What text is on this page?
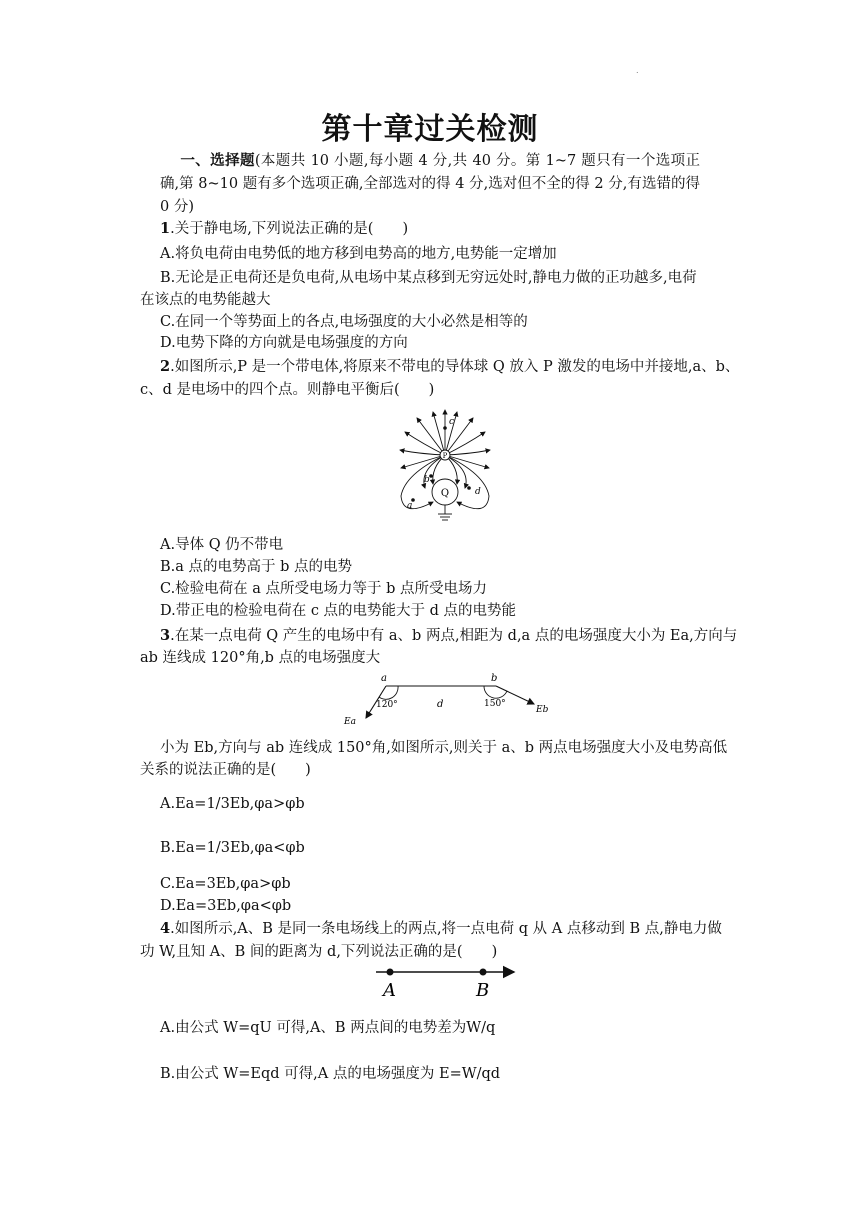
.
第十章过关检测
一、选择题(本题共 10 小题,每小题 4 分,共 40 分。第 1~7 题只有一个选项正确,第 8~10 题有多个选项正确,全部选对的得 4 分,选对但不全的得 2 分,有选错的得 0 分)
1.关于静电场,下列说法正确的是(　　)
A.将负电荷由电势低的地方移到电势高的地方,电势能一定增加
B.无论是正电荷还是负电荷,从电场中某点移到无穷远处时,静电力做的正功越多,电荷
在该点的电势能越大
C.在同一个等势面上的各点,电场强度的大小必然是相等的
D.电势下降的方向就是电场强度的方向
2.如图所示,P 是一个带电体,将原来不带电的导体球 Q 放入 P 激发的电场中并接地,a、b、
c、d 是电场中的四个点。则静电平衡后(　　)
P
Q
a
b
c
d
A.导体 Q 仍不带电
B.a 点的电势高于 b 点的电势
C.检验电荷在 a 点所受电场力等于 b 点所受电场力
D.带正电的检验电荷在 c 点的电势能大于 d 点的电势能
3.在某一点电荷 Q 产生的电场中有 a、b 两点,相距为 d,a 点的电场强度大小为 Ea,方向与
ab 连线成 120°角,b 点的电场强度大
a	b
d
120°	150°
Ea
Eb
小为 Eb,方向与 ab 连线成 150°角,如图所示,则关于 a、b 两点电场强度大小及电势高低
关系的说法正确的是(　　)
A.Ea=1/3Eb,φa>φb
B.Ea=1/3Eb,φa<φb
C.Ea=3Eb,φa>φb
D.Ea=3Eb,φa<φb
4.如图所示,A、B 是同一条电场线上的两点,将一点电荷 q 从 A 点移动到 B 点,静电力做
功 W,且知 A、B 间的距离为 d,下列说法正确的是(　　)
A	B
A.由公式 W=qU 可得,A、B 两点间的电势差为W/q
B.由公式 W=Eqd 可得,A 点的电场强度为 E=W/qd
